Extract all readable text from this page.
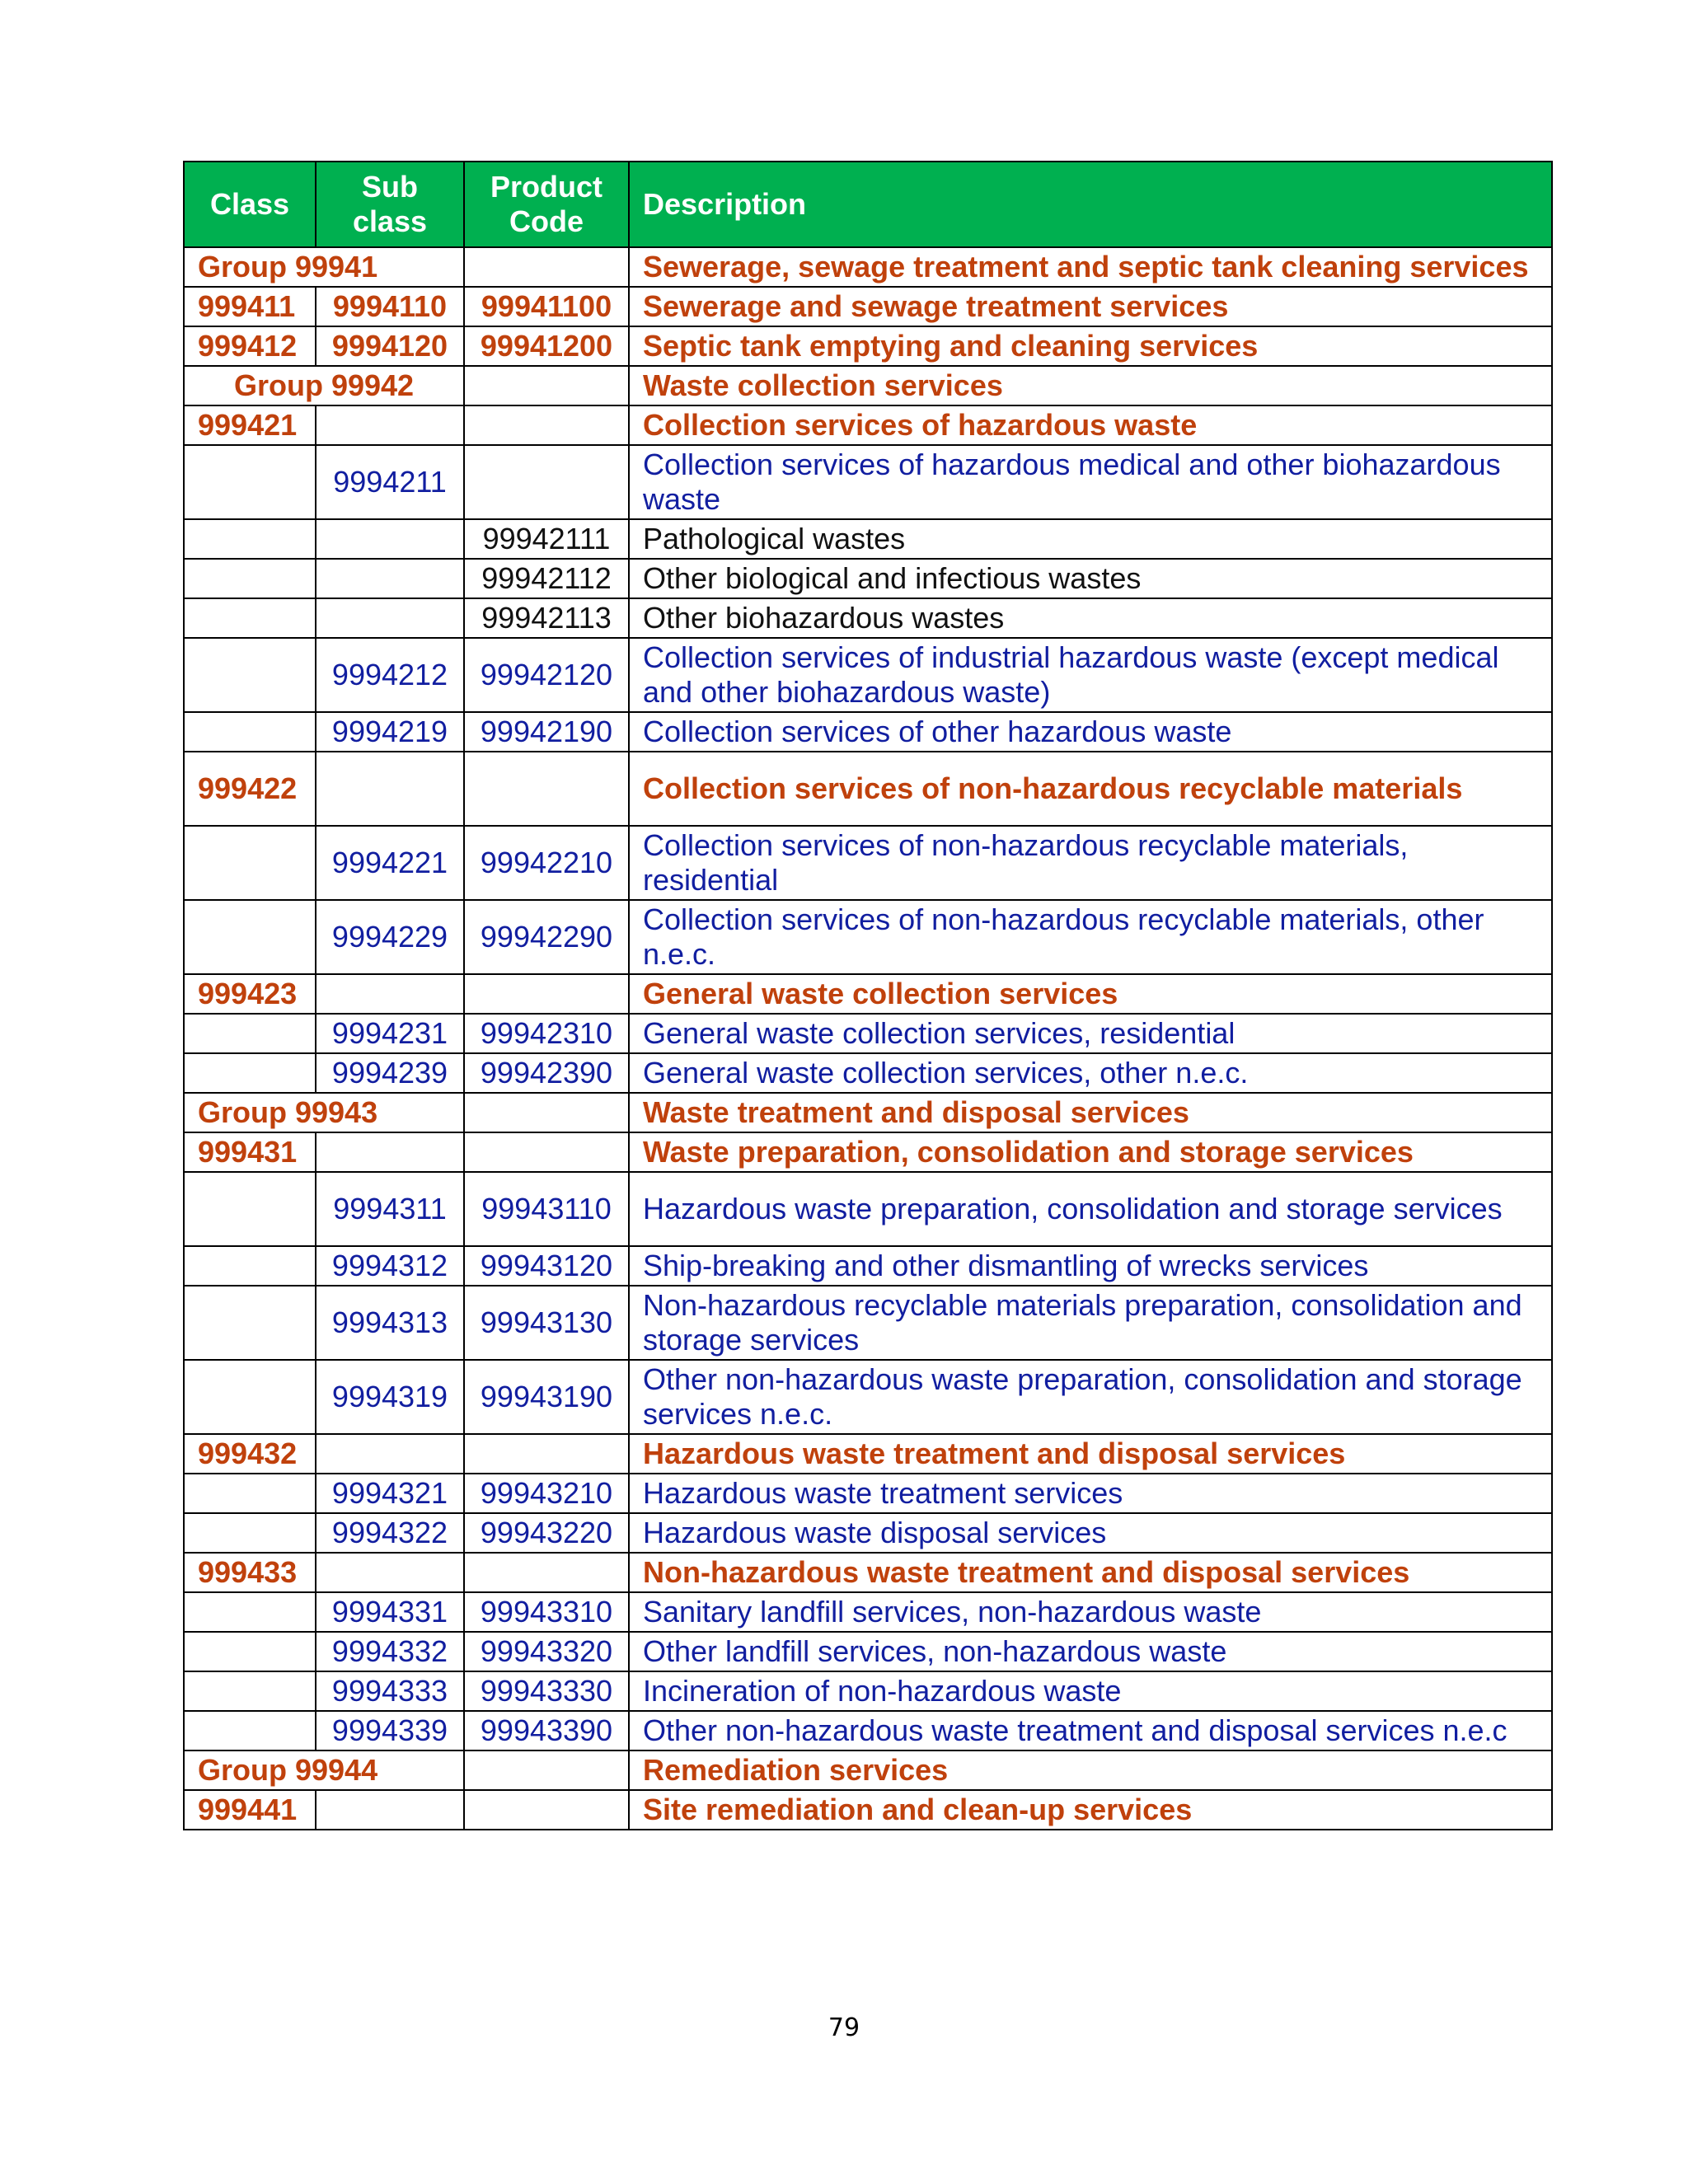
Class	Sub class	Product Code	Description
Group 99941			Sewerage, sewage treatment and septic tank cleaning services
999411	9994110	99941100	Sewerage and sewage treatment services
999412	9994120	99941200	Septic tank emptying and cleaning services
Group 99942			Waste collection services
999421			Collection services of hazardous waste
	9994211		Collection services of hazardous medical and other biohazardous waste
		99942111	Pathological wastes
		99942112	Other biological and infectious wastes
		99942113	Other biohazardous wastes
	9994212	99942120	Collection services of industrial hazardous waste (except medical and other biohazardous waste)
	9994219	99942190	Collection services of other hazardous waste
999422			Collection services of non-hazardous recyclable materials
	9994221	99942210	Collection services of non-hazardous recyclable materials, residential
	9994229	99942290	Collection services of non-hazardous recyclable materials, other n.e.c.
999423			General waste collection services
	9994231	99942310	General waste collection services, residential
	9994239	99942390	General waste collection services, other n.e.c.
Group 99943			Waste treatment and disposal services
999431			Waste preparation, consolidation and storage services
	9994311	99943110	Hazardous waste preparation, consolidation and storage services
	9994312	99943120	Ship-breaking and other dismantling of wrecks services
	9994313	99943130	Non-hazardous recyclable materials preparation, consolidation and storage services
	9994319	99943190	Other non-hazardous waste preparation, consolidation and storage services n.e.c.
999432			Hazardous waste treatment and disposal services
	9994321	99943210	Hazardous waste treatment services
	9994322	99943220	Hazardous waste disposal services
999433			Non-hazardous waste treatment and disposal services
	9994331	99943310	Sanitary landfill services, non-hazardous waste
	9994332	99943320	Other landfill services, non-hazardous waste
	9994333	99943330	Incineration of non-hazardous waste
	9994339	99943390	Other non-hazardous waste treatment and disposal services n.e.c
Group 99944			Remediation services
999441			Site remediation and clean-up services
79
